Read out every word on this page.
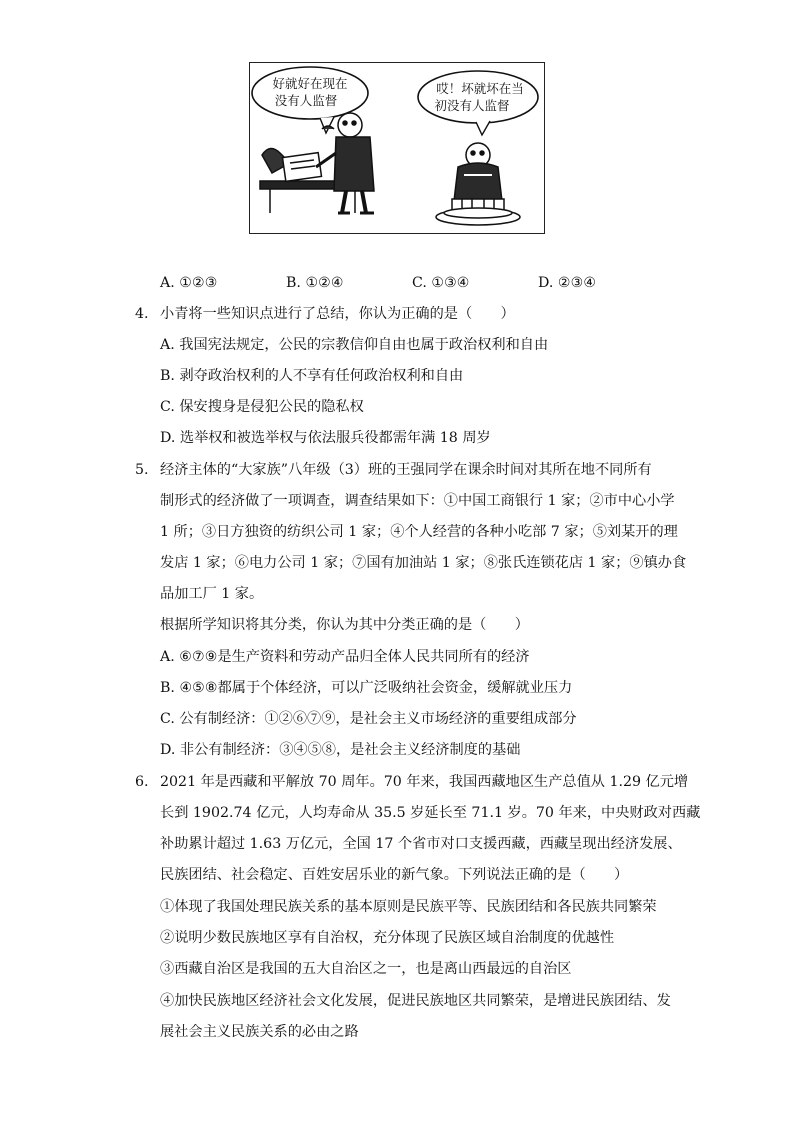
好就好在现在
没有人监督
哎！坏就坏在当
初没有人监督
A. ①②③	B. ①②④	C. ①③④	D. ②③④
4. 小青将一些知识点进行了总结，你认为正确的是（　　）
A. 我国宪法规定，公民的宗教信仰自由也属于政治权利和自由
B. 剥夺政治权利的人不享有任何政治权利和自由
C. 保安搜身是侵犯公民的隐私权
D. 选举权和被选举权与依法服兵役都需年满 18 周岁
5. 经济主体的“大家族”八年级（3）班的王强同学在课余时间对其所在地不同所有
制形式的经济做了一项调查，调查结果如下：①中国工商银行 1 家；②市中心小学
1 所；③日方独资的纺织公司 1 家；④个人经营的各种小吃部 7 家；⑤刘某开的理
发店 1 家；⑥电力公司 1 家；⑦国有加油站 1 家；⑧张氏连锁花店 1 家；⑨镇办食
品加工厂 1 家。
根据所学知识将其分类，你认为其中分类正确的是（　　）
A. ⑥⑦⑨是生产资料和劳动产品归全体人民共同所有的经济
B. ④⑤⑧都属于个体经济，可以广泛吸纳社会资金，缓解就业压力
C. 公有制经济：①②⑥⑦⑨，是社会主义市场经济的重要组成部分
D. 非公有制经济：③④⑤⑧，是社会主义经济制度的基础
6. 2021 年是西藏和平解放 70 周年。70 年来，我国西藏地区生产总值从 1.29 亿元增
长到 1902.74 亿元，人均寿命从 35.5 岁延长至 71.1 岁。70 年来，中央财政对西藏
补助累计超过 1.63 万亿元，全国 17 个省市对口支援西藏，西藏呈现出经济发展、
民族团结、社会稳定、百姓安居乐业的新气象。下列说法正确的是（　　）
①体现了我国处理民族关系的基本原则是民族平等、民族团结和各民族共同繁荣
②说明少数民族地区享有自治权，充分体现了民族区域自治制度的优越性
③西藏自治区是我国的五大自治区之一，也是离山西最远的自治区
④加快民族地区经济社会文化发展，促进民族地区共同繁荣，是增进民族团结、发
展社会主义民族关系的必由之路
